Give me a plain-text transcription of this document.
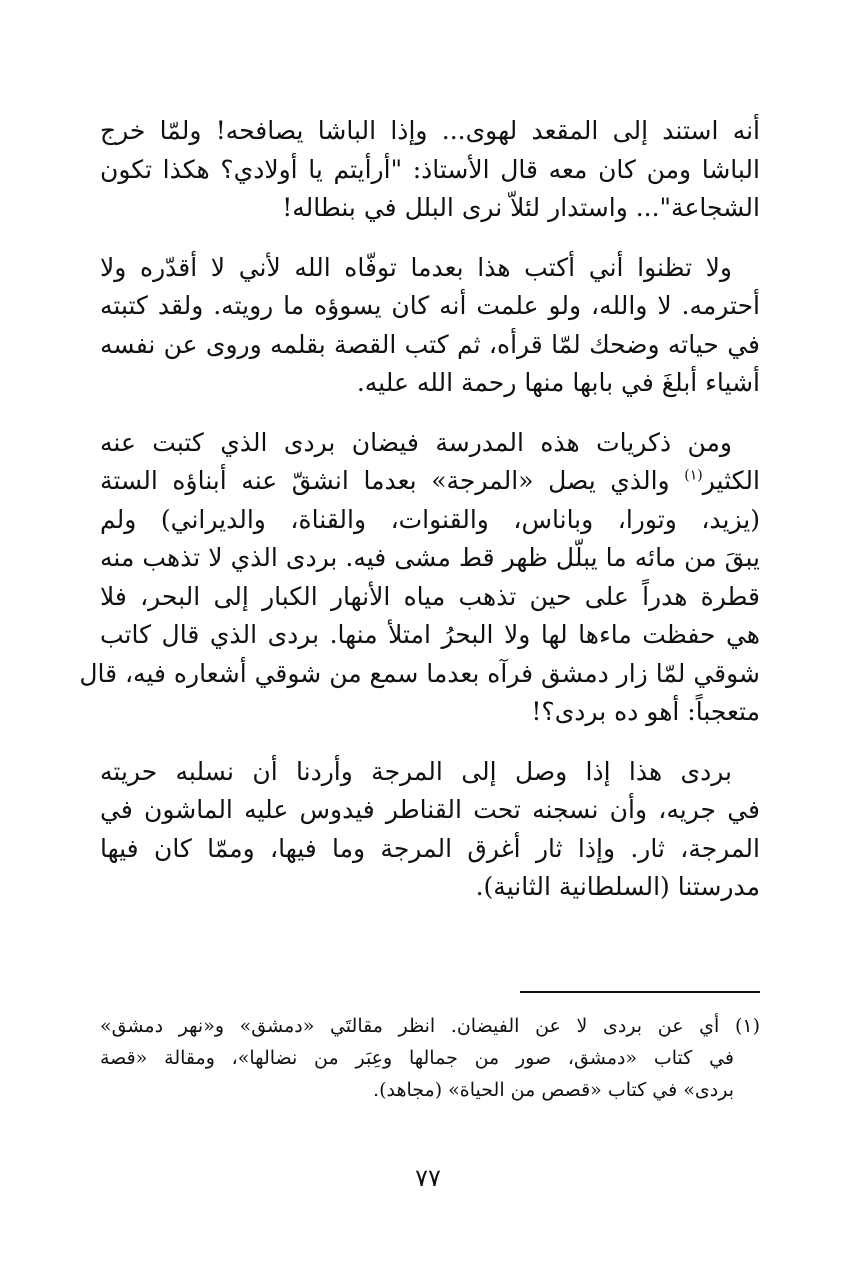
أنه استند إلى المقعد لهوى... وإذا الباشا يصافحه! ولمّا خرج
الباشا ومن كان معه قال الأستاذ: "أرأيتم يا أولادي؟ هكذا تكون
الشجاعة"... واستدار لئلاّ نرى البلل في بنطاله!
ولا تظنوا أني أكتب هذا بعدما توفّاه الله لأني لا أقدّره ولا
أحترمه. لا والله، ولو علمت أنه كان يسوؤه ما رويته. ولقد كتبته
في حياته وضحك لمّا قرأه، ثم كتب القصة بقلمه وروى عن نفسه
أشياء أبلغَ في بابها منها رحمة الله عليه.
ومن ذكريات هذه المدرسة فيضان بردى الذي كتبت عنه
الكثير$^{(١)}$ والذي يصل «المرجة» بعدما انشقّ عنه أبناؤه الستة
(يزيد، وتورا، وباناس، والقنوات، والقناة، والديراني) ولم
يبقَ من مائه ما يبلّل ظهر قط مشى فيه. بردى الذي لا تذهب منه
قطرة هدراً على حين تذهب مياه الأنهار الكبار إلى البحر، فلا
هي حفظت ماءها لها ولا البحرُ امتلأ منها. بردى الذي قال كاتب
شوقي لمّا زار دمشق فرآه بعدما سمع من شوقي أشعاره فيه، قال
متعجباً: أهو ده بردى؟!
بردى هذا إذا وصل إلى المرجة وأردنا أن نسلبه حريته
في جريه، وأن نسجنه تحت القناطر فيدوس عليه الماشون في
المرجة، ثار. وإذا ثار أغرق المرجة وما فيها، وممّا كان فيها
مدرستنا (السلطانية الثانية).
(١) أي عن بردى لا عن الفيضان. انظر مقالتَي «دمشق» و«نهر دمشق»
في كتاب «دمشق، صور من جمالها وعِبَر من نضالها»، ومقالة «قصة
بردى» في كتاب «قصص من الحياة» (مجاهد).
٧٧
